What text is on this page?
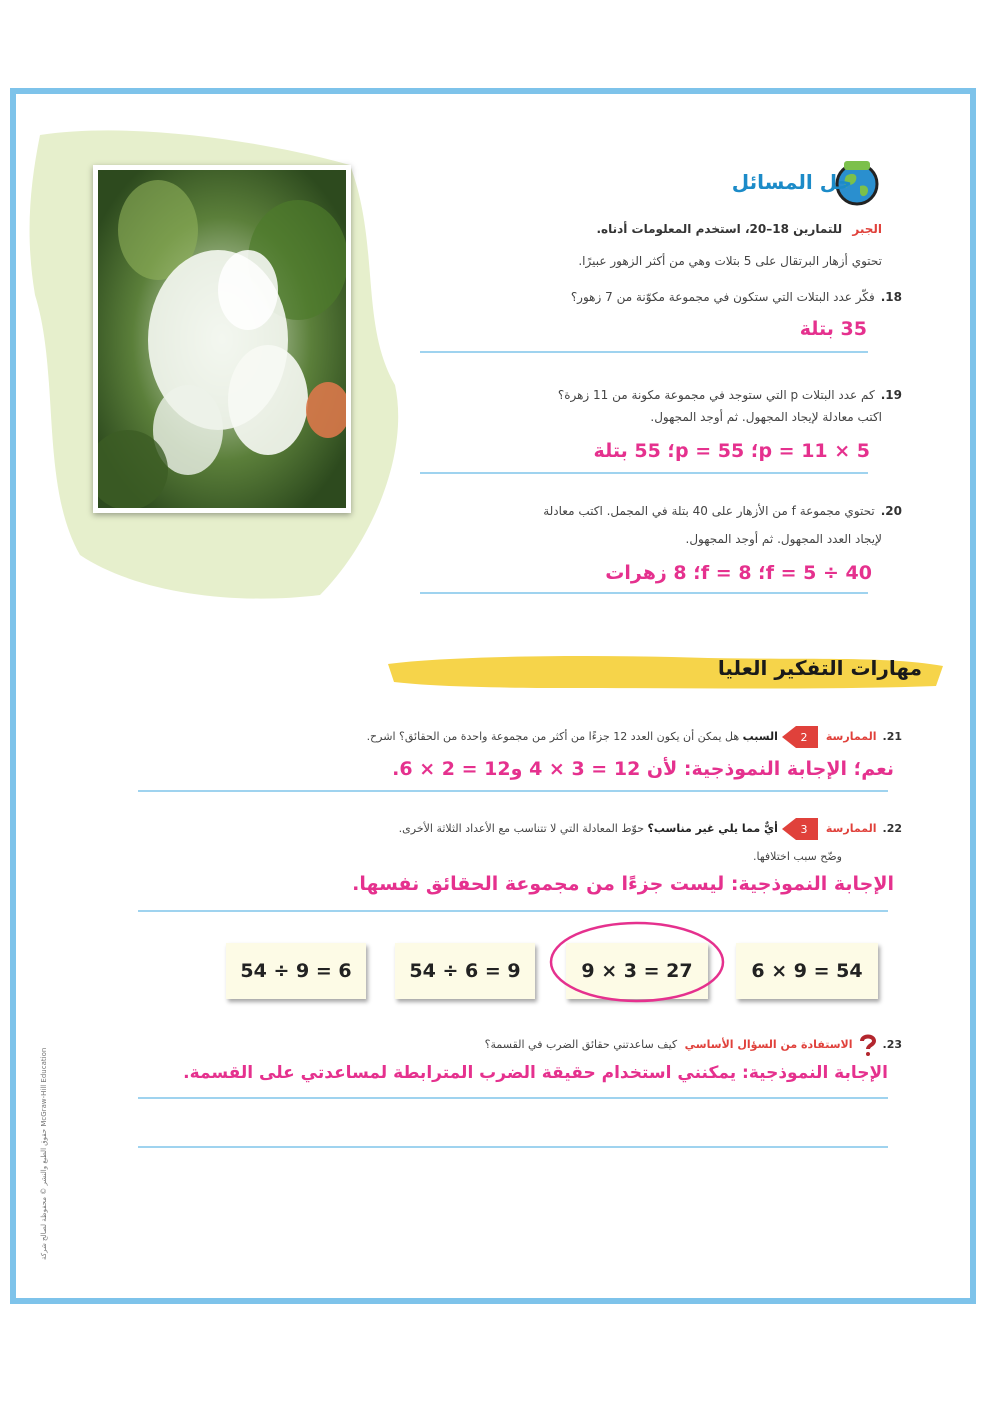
حل المسائل
الجبر للتمارين 18–20، استخدم المعلومات أدناه.
تحتوي أزهار البرتقال على 5 بتلات وهي من أكثر الزهور عبيرًا.
18.فكّر عدد البتلات التي ستكون في مجموعة مكوّنة من 7 زهور؟
35 بتلة
19.كم عدد البتلات p التي ستوجد في مجموعة مكونة من 11 زهرة؟
اكتب معادلة لإيجاد المجهول. ثم أوجد المجهول.
p = 11 × 5؛ p = 55؛ 55 بتلة
20.تحتوي مجموعة f من الأزهار على 40 بتلة في المجمل. اكتب معادلة
لإيجاد العدد المجهول. ثم أوجد المجهول.
f = 5 ÷ 40؛ 8 = f؛ 8 زهرات
مهارات التفكير العليا
21.الممارسة
2
السبب هل يمكن أن يكون العدد 12 جزءًا من أكثر من مجموعة واحدة من الحقائق؟ اشرح.
نعم؛ الإجابة النموذجية: لأن 12 = 3 × 4 و12 = 2 × 6.
22.الممارسة
3
أيٌّ مما يلي غير مناسب؟ حوّط المعادلة التي لا تتناسب مع الأعداد الثلاثة الأخرى.
وضّح سبب اختلافها.
الإجابة النموذجية: ليست جزءًا من مجموعة الحقائق نفسها.
54 ÷ 9 = 6	54 ÷ 6 = 9	9 × 3 = 27	6 × 9 = 54
23.الاستفادة من السؤال الأساسي كيف ساعدتني حقائق الضرب في القسمة؟
الإجابة النموذجية: يمكنني استخدام حقيقة الضرب المترابطة لمساعدتي على القسمة.
حقوق الطبع والنشر © محفوظة لصالح شركة McGraw-Hill Education
